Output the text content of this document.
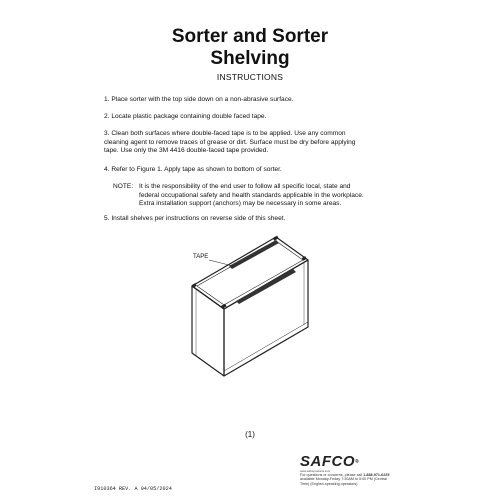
Sorter and Sorter
Shelving
INSTRUCTIONS
1. Place sorter with the top side down on a non-abrasive surface.
2. Locate plastic package containing double faced tape.
3. Clean both surfaces where double-faced tape is to be applied. Use any common
cleaning agent to remove traces of grease or dirt. Surface must be dry before applying
tape. Use only the 3M 4416 double-faced tape provided.
4. Refer to Figure 1. Apply tape as shown to bottom of sorter.
NOTE: It is the responsibility of the end user to follow all specific local, state and
federal occupational safety and health standards applicable in the workplace.
Extra installation support (anchors) may be necessary in some areas.
5. Install shelves per instructions on reverse side of this sheet.
TAPE
(1)
SAFCO®
www.safcoproducts.com
For questions or concerns, please call 1-888-971-6225
available Monday-Friday 7:30AM to 5:00 PM (Central
Time) (English-speaking operators)
I910364 REV. A 04/05/2024
